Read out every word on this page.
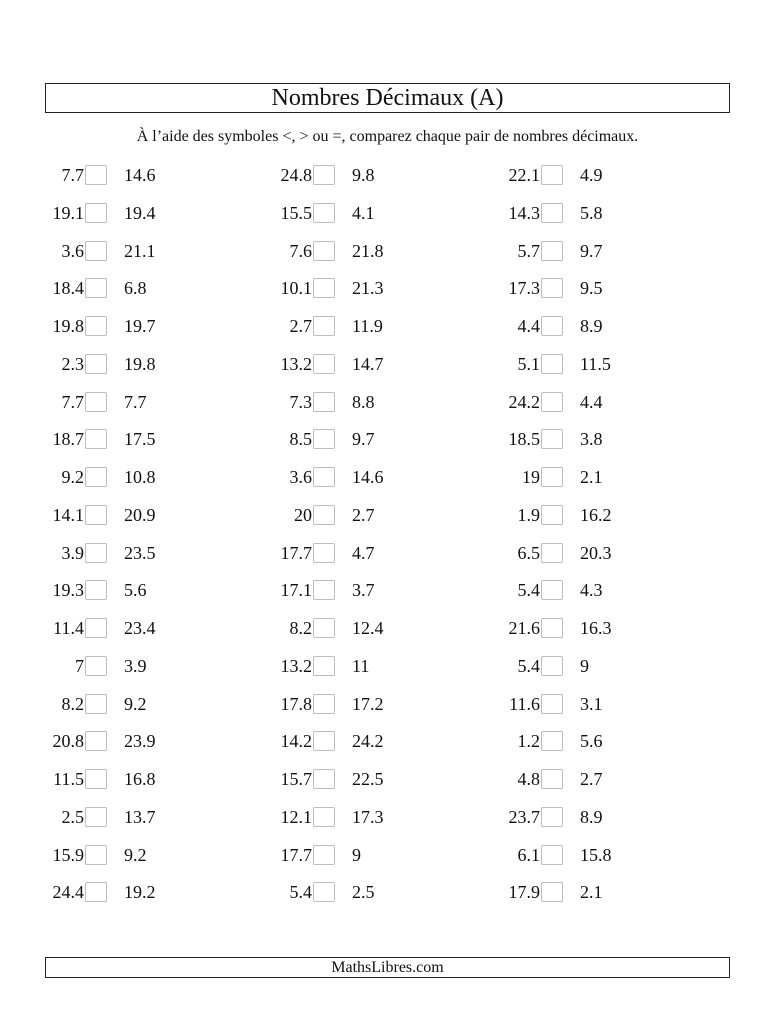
Nombres Décimaux (A)
À l’aide des symboles <, > ou =, comparez chaque pair de nombres décimaux.
7.7 14.6
19.1 19.4
3.6 21.1
18.4 6.8
19.8 19.7
2.3 19.8
7.7 7.7
18.7 17.5
9.2 10.8
14.1 20.9
3.9 23.5
19.3 5.6
11.4 23.4
7 3.9
8.2 9.2
20.8 23.9
11.5 16.8
2.5 13.7
15.9 9.2
24.4 19.2
24.8 9.8
15.5 4.1
7.6 21.8
10.1 21.3
2.7 11.9
13.2 14.7
7.3 8.8
8.5 9.7
3.6 14.6
20 2.7
17.7 4.7
17.1 3.7
8.2 12.4
13.2 11
17.8 17.2
14.2 24.2
15.7 22.5
12.1 17.3
17.7 9
5.4 2.5
22.1 4.9
14.3 5.8
5.7 9.7
17.3 9.5
4.4 8.9
5.1 11.5
24.2 4.4
18.5 3.8
19 2.1
1.9 16.2
6.5 20.3
5.4 4.3
21.6 16.3
5.4 9
11.6 3.1
1.2 5.6
4.8 2.7
23.7 8.9
6.1 15.8
17.9 2.1
MathsLibres.com
